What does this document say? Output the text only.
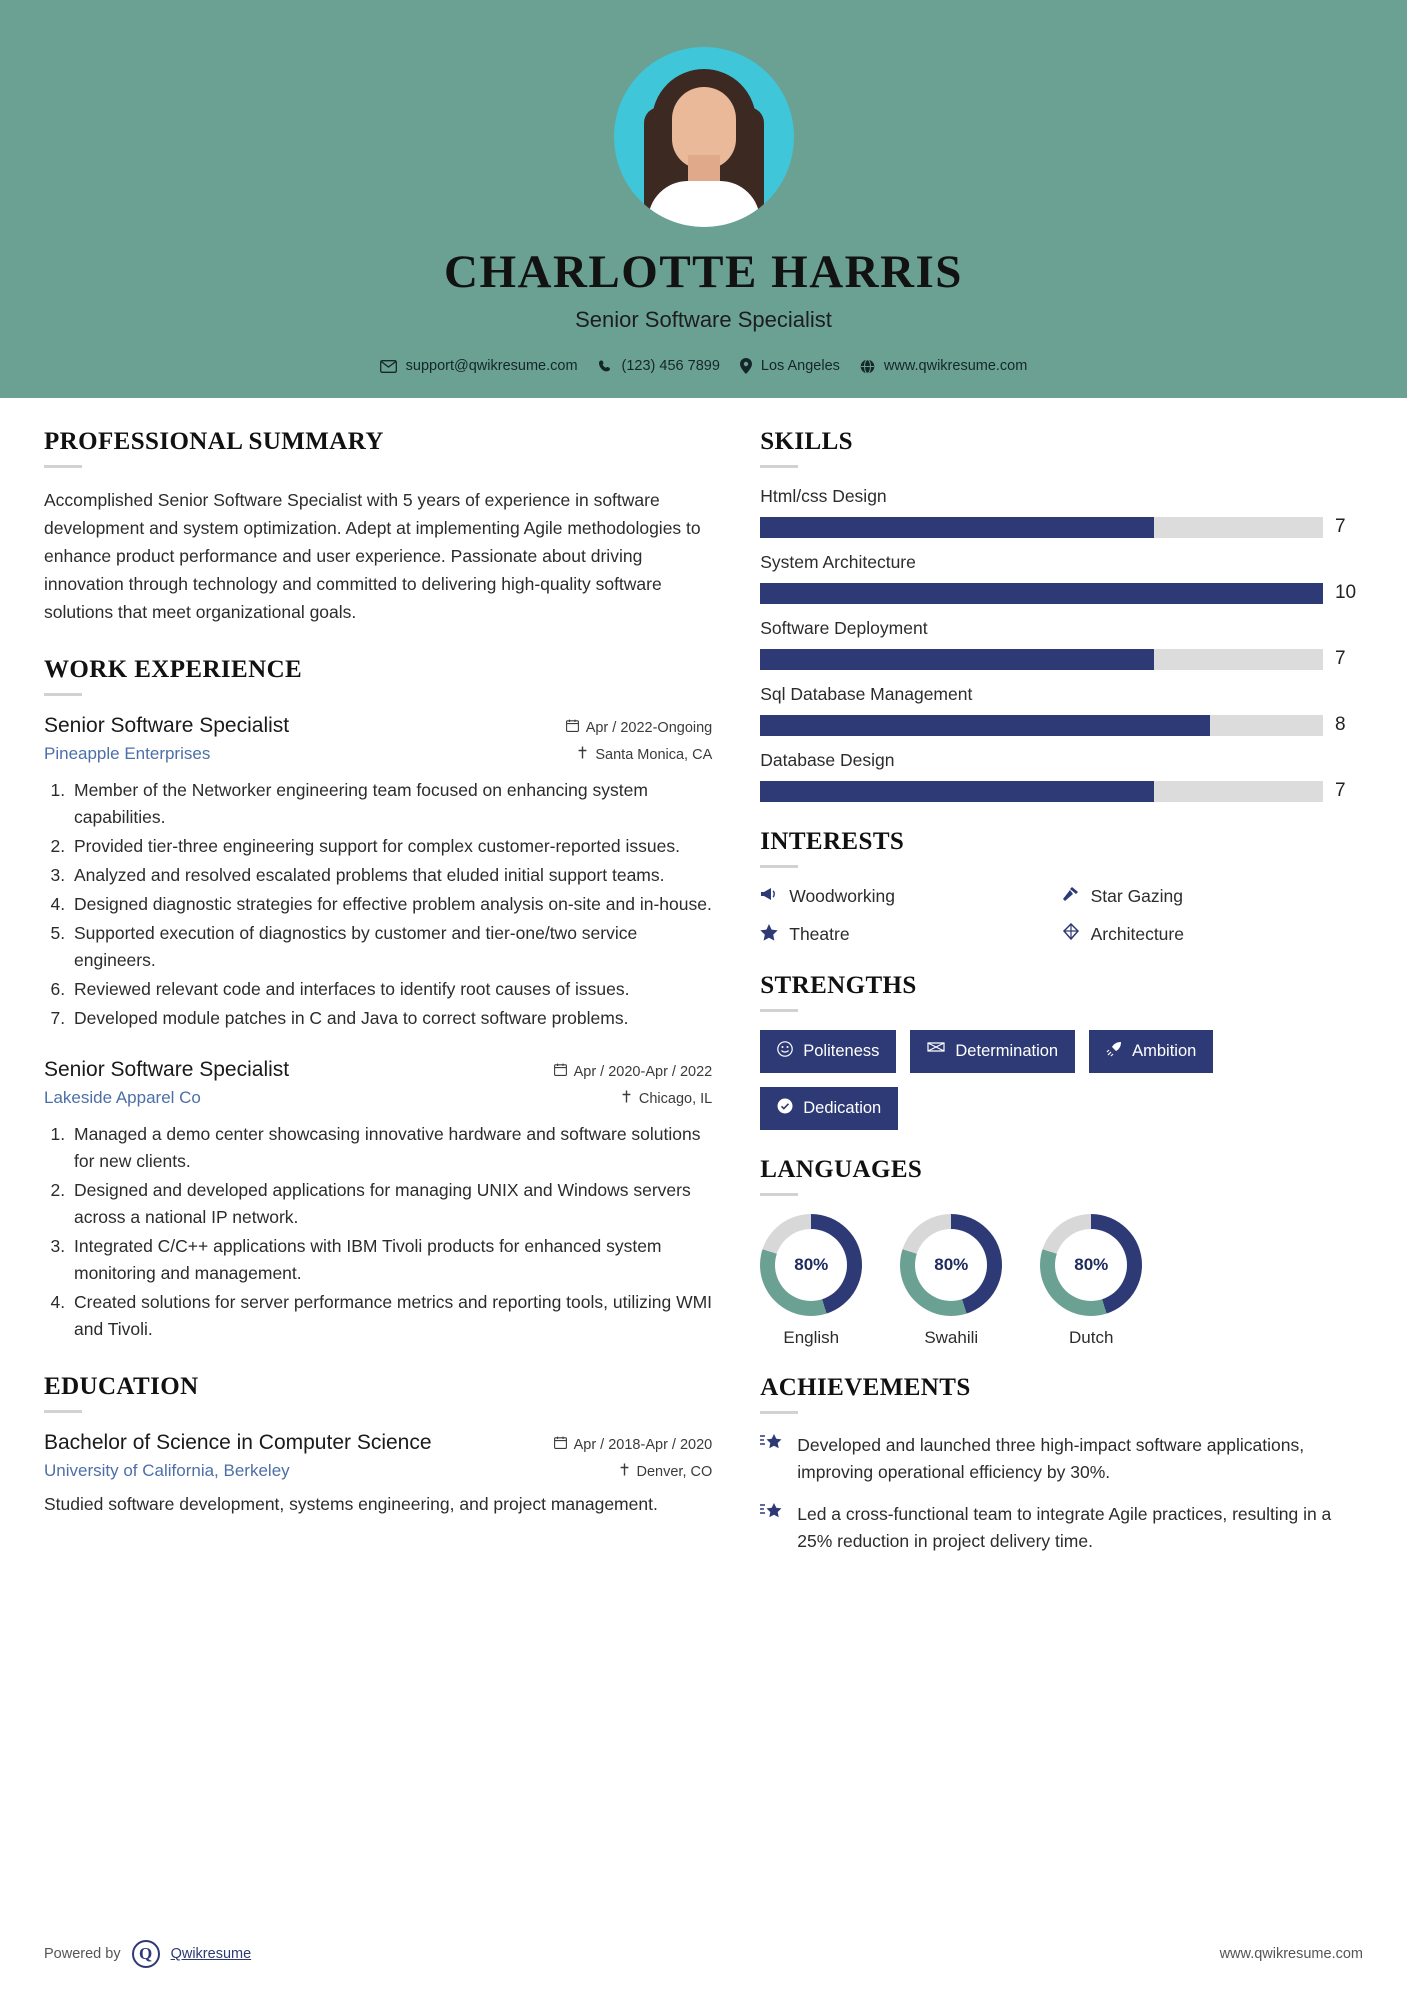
CHARLOTTE HARRIS
Senior Software Specialist
support@qwikresume.com	(123) 456 7899	Los Angeles	www.qwikresume.com
PROFESSIONAL SUMMARY
Accomplished Senior Software Specialist with 5 years of experience in software development and system optimization. Adept at implementing Agile methodologies to enhance product performance and user experience. Passionate about driving innovation through technology and committed to delivering high-quality software solutions that meet organizational goals.
WORK EXPERIENCE
Senior Software Specialist	Apr / 2022-Ongoing
Pineapple Enterprises	Santa Monica, CA
1. Member of the Networker engineering team focused on enhancing system capabilities.
2. Provided tier-three engineering support for complex customer-reported issues.
3. Analyzed and resolved escalated problems that eluded initial support teams.
4. Designed diagnostic strategies for effective problem analysis on-site and in-house.
5. Supported execution of diagnostics by customer and tier-one/two service engineers.
6. Reviewed relevant code and interfaces to identify root causes of issues.
7. Developed module patches in C and Java to correct software problems.
Senior Software Specialist	Apr / 2020-Apr / 2022
Lakeside Apparel Co	Chicago, IL
1. Managed a demo center showcasing innovative hardware and software solutions for new clients.
2. Designed and developed applications for managing UNIX and Windows servers across a national IP network.
3. Integrated C/C++ applications with IBM Tivoli products for enhanced system monitoring and management.
4. Created solutions for server performance metrics and reporting tools, utilizing WMI and Tivoli.
EDUCATION
Bachelor of Science in Computer Science	Apr / 2018-Apr / 2020
University of California, Berkeley	Denver, CO
Studied software development, systems engineering, and project management.
SKILLS
Html/css Design
7
System Architecture
10
Software Deployment
7
Sql Database Management
8
Database Design
7
INTERESTS
Woodworking	Star Gazing
Theatre	Architecture
STRENGTHS
Politeness	Determination	Ambition
Dedication
LANGUAGES
80%
English
80%
Swahili
80%
Dutch
ACHIEVEMENTS
Developed and launched three high-impact software applications, improving operational efficiency by 30%.
Led a cross-functional team to integrate Agile practices, resulting in a 25% reduction in project delivery time.
Powered by	Q	Qwikresume	www.qwikresume.com
